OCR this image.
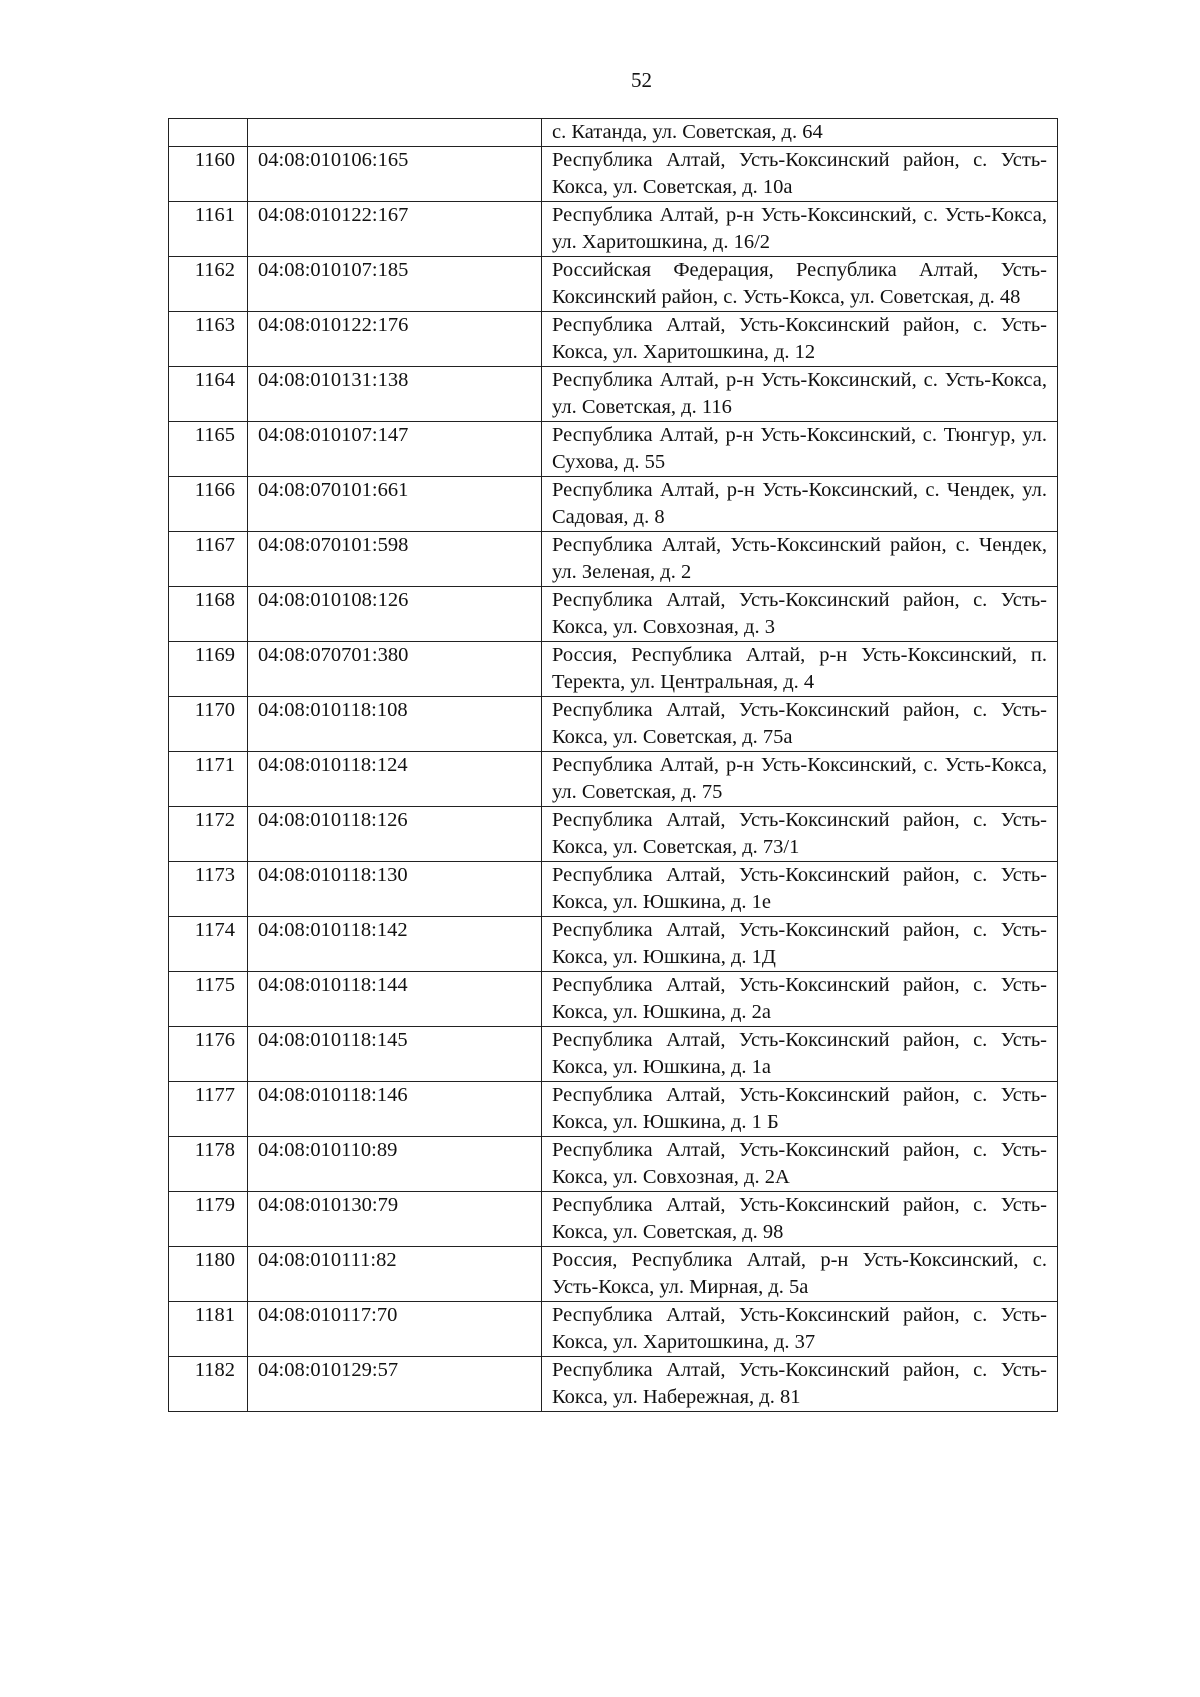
52
		с. Катанда, ул. Советская, д. 64
1160	04:08:010106:165	Республика Алтай, Усть-Коксинский район, с. Усть-Кокса, ул. Советская, д. 10а
1161	04:08:010122:167	Республика Алтай, р-н Усть-Коксинский, с. Усть-Кокса, ул. Харитошкина, д. 16/2
1162	04:08:010107:185	Российская Федерация, Республика Алтай, Усть-Коксинский район, с. Усть-Кокса, ул. Советская, д. 48
1163	04:08:010122:176	Республика Алтай, Усть-Коксинский район, с. Усть-Кокса, ул. Харитошкина, д. 12
1164	04:08:010131:138	Республика Алтай, р-н Усть-Коксинский, с. Усть-Кокса, ул. Советская, д. 116
1165	04:08:010107:147	Республика Алтай, р-н Усть-Коксинский, с. Тюнгур, ул. Сухова, д. 55
1166	04:08:070101:661	Республика Алтай, р-н Усть-Коксинский, с. Чендек, ул. Садовая, д. 8
1167	04:08:070101:598	Республика Алтай, Усть-Коксинский район, с. Чендек, ул. Зеленая, д. 2
1168	04:08:010108:126	Республика Алтай, Усть-Коксинский район, с. Усть-Кокса, ул. Совхозная, д. 3
1169	04:08:070701:380	Россия, Республика Алтай, р-н Усть-Коксинский, п. Теректа, ул. Центральная, д. 4
1170	04:08:010118:108	Республика Алтай, Усть-Коксинский район, с. Усть-Кокса, ул. Советская, д. 75а
1171	04:08:010118:124	Республика Алтай, р-н Усть-Коксинский, с. Усть-Кокса, ул. Советская, д. 75
1172	04:08:010118:126	Республика Алтай, Усть-Коксинский район, с. Усть-Кокса, ул. Советская, д. 73/1
1173	04:08:010118:130	Республика Алтай, Усть-Коксинский район, с. Усть-Кокса, ул. Юшкина, д. 1е
1174	04:08:010118:142	Республика Алтай, Усть-Коксинский район, с. Усть-Кокса, ул. Юшкина, д. 1Д
1175	04:08:010118:144	Республика Алтай, Усть-Коксинский район, с. Усть-Кокса, ул. Юшкина, д. 2а
1176	04:08:010118:145	Республика Алтай, Усть-Коксинский район, с. Усть-Кокса, ул. Юшкина, д. 1а
1177	04:08:010118:146	Республика Алтай, Усть-Коксинский район, с. Усть-Кокса, ул. Юшкина, д. 1 Б
1178	04:08:010110:89	Республика Алтай, Усть-Коксинский район, с. Усть-Кокса, ул. Совхозная, д. 2А
1179	04:08:010130:79	Республика Алтай, Усть-Коксинский район, с. Усть-Кокса, ул. Советская, д. 98
1180	04:08:010111:82	Россия, Республика Алтай, р-н Усть-Коксинский, с. Усть-Кокса, ул. Мирная, д. 5а
1181	04:08:010117:70	Республика Алтай, Усть-Коксинский район, с. Усть-Кокса, ул. Харитошкина, д. 37
1182	04:08:010129:57	Республика Алтай, Усть-Коксинский район, с. Усть-Кокса, ул. Набережная, д. 81
